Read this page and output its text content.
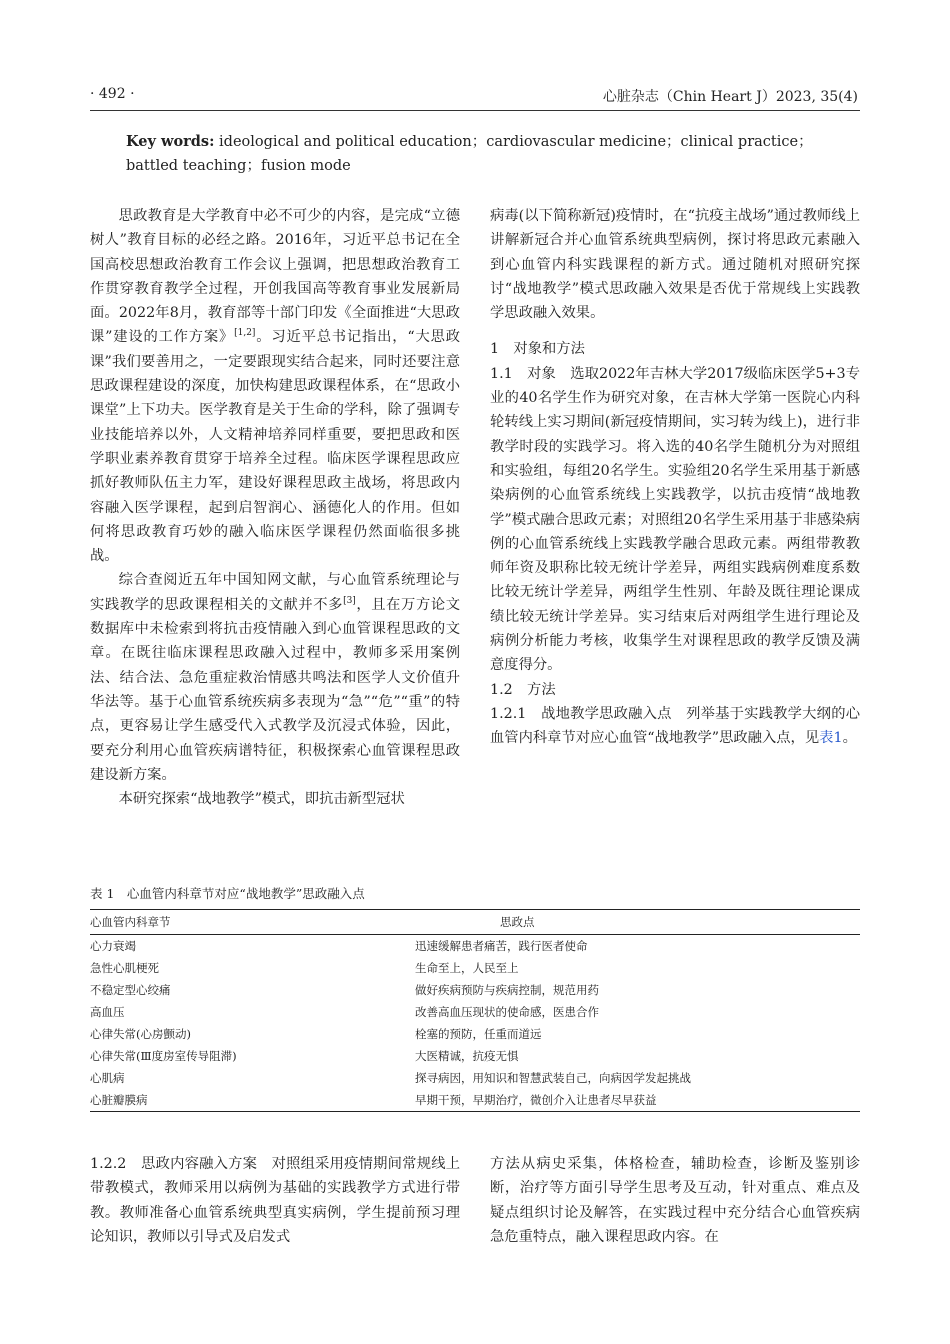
· 492 ·	心脏杂志（Chin Heart J）2023, 35(4)
Key words: ideological and political education；cardiovascular medicine；clinical practice；battled teaching；fusion mode

思政教育是大学教育中必不可少的内容，是完成“立德树人”教育目标的必经之路。2016年，习近平总书记在全国高校思想政治教育工作会议上强调，把思想政治教育工作贯穿教育教学全过程，开创我国高等教育事业发展新局面。2022年8月，教育部等十部门印发《全面推进“大思政课”建设的工作方案》[1,2]。习近平总书记指出，“大思政课”我们要善用之，一定要跟现实结合起来，同时还要注意思政课程建设的深度，加快构建思政课程体系，在“思政小课堂”上下功夫。医学教育是关于生命的学科，除了强调专业技能培养以外，人文精神培养同样重要，要把思政和医学职业素养教育贯穿于培养全过程。临床医学课程思政应抓好教师队伍主力军，建设好课程思政主战场，将思政内容融入医学课程，起到启智润心、涵德化人的作用。但如何将思政教育巧妙的融入临床医学课程仍然面临很多挑战。

综合查阅近五年中国知网文献，与心血管系统理论与实践教学的思政课程相关的文献并不多[3]，且在万方论文数据库中未检索到将抗击疫情融入到心血管课程思政的文章。在既往临床课程思政融入过程中，教师多采用案例法、结合法、急危重症救治情感共鸣法和医学人文价值升华法等。基于心血管系统疾病多表现为“急”“危”“重”的特点，更容易让学生感受代入式教学及沉浸式体验，因此，要充分利用心血管疾病谱特征，积极探索心血管课程思政建设新方案。

本研究探索“战地教学”模式，即抗击新型冠状

病毒(以下简称新冠)疫情时，在“抗疫主战场”通过教师线上讲解新冠合并心血管系统典型病例，探讨将思政元素融入到心血管内科实践课程的新方式。通过随机对照研究探讨“战地教学”模式思政融入效果是否优于常规线上实践教学思政融入效果。

1　对象和方法

1.1　对象　选取2022年吉林大学2017级临床医学5+3专业的40名学生作为研究对象，在吉林大学第一医院心内科轮转线上实习期间(新冠疫情期间，实习转为线上)，进行非教学时段的实践学习。将入选的40名学生随机分为对照组和实验组，每组20名学生。实验组20名学生采用基于新感染病例的心血管系统线上实践教学，以抗击疫情“战地教学”模式融合思政元素；对照组20名学生采用基于非感染病例的心血管系统线上实践教学融合思政元素。两组带教教师年资及职称比较无统计学差异，两组实践病例难度系数比较无统计学差异，两组学生性别、年龄及既往理论课成绩比较无统计学差异。实习结束后对两组学生进行理论及病例分析能力考核，收集学生对课程思政的教学反馈及满意度得分。

1.2　方法

1.2.1　战地教学思政融入点　列举基于实践教学大纲的心血管内科章节对应心血管“战地教学”思政融入点，见表1。

表 1　心血管内科章节对应“战地教学”思政融入点
心血管内科章节	思政点
心力衰竭	迅速缓解患者痛苦，践行医者使命
急性心肌梗死	生命至上，人民至上
不稳定型心绞痛	做好疾病预防与疾病控制，规范用药
高血压	改善高血压现状的使命感，医患合作
心律失常(心房颤动)	栓塞的预防，任重而道远
心律失常(Ⅲ度房室传导阻滞)	大医精诚，抗疫无惧
心肌病	探寻病因，用知识和智慧武装自己，向病因学发起挑战
心脏瓣膜病	早期干预，早期治疗，微创介入让患者尽早获益

1.2.2　思政内容融入方案　对照组采用疫情期间常规线上带教模式，教师采用以病例为基础的实践教学方式进行带教。教师准备心血管系统典型真实病例，学生提前预习理论知识，教师以引导式及启发式

方法从病史采集，体格检查，辅助检查，诊断及鉴别诊断，治疗等方面引导学生思考及互动，针对重点、难点及疑点组织讨论及解答，在实践过程中充分结合心血管疾病急危重特点，融入课程思政内容。在
